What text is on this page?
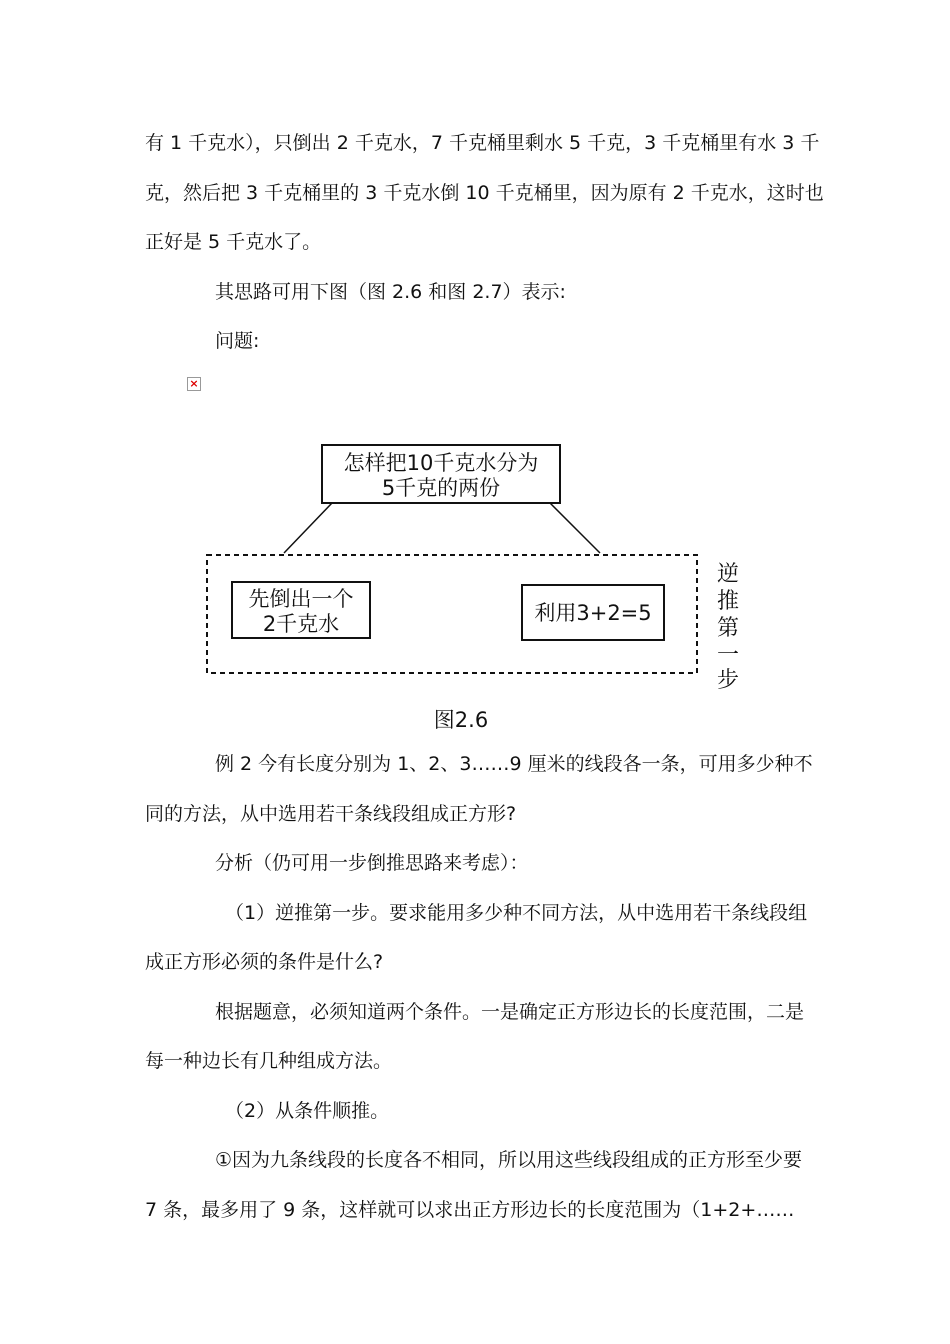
有 1 千克水），只倒出 2 千克水，7 千克桶里剩水 5 千克，3 千克桶里有水 3 千
克，然后把 3 千克桶里的 3 千克水倒 10 千克桶里，因为原有 2 千克水，这时也
正好是 5 千克水了。
其思路可用下图（图 2.6 和图 2.7）表示:
问题:
×
怎样把10千克水分为
5千克的两份
先倒出一个
2千克水	利用3+2=5
逆
推
第
一
步
图2.6
例 2 今有长度分别为 1、2、3……9 厘米的线段各一条，可用多少种不
同的方法，从中选用若干条线段组成正方形?
分析（仍可用一步倒推思路来考虑）：
（1）逆推第一步。要求能用多少种不同方法，从中选用若干条线段组
成正方形必须的条件是什么?
根据题意，必须知道两个条件。一是确定正方形边长的长度范围，二是
每一种边长有几种组成方法。
（2）从条件顺推。
①因为九条线段的长度各不相同，所以用这些线段组成的正方形至少要
7 条，最多用了 9 条，这样就可以求出正方形边长的长度范围为（1+2+……
